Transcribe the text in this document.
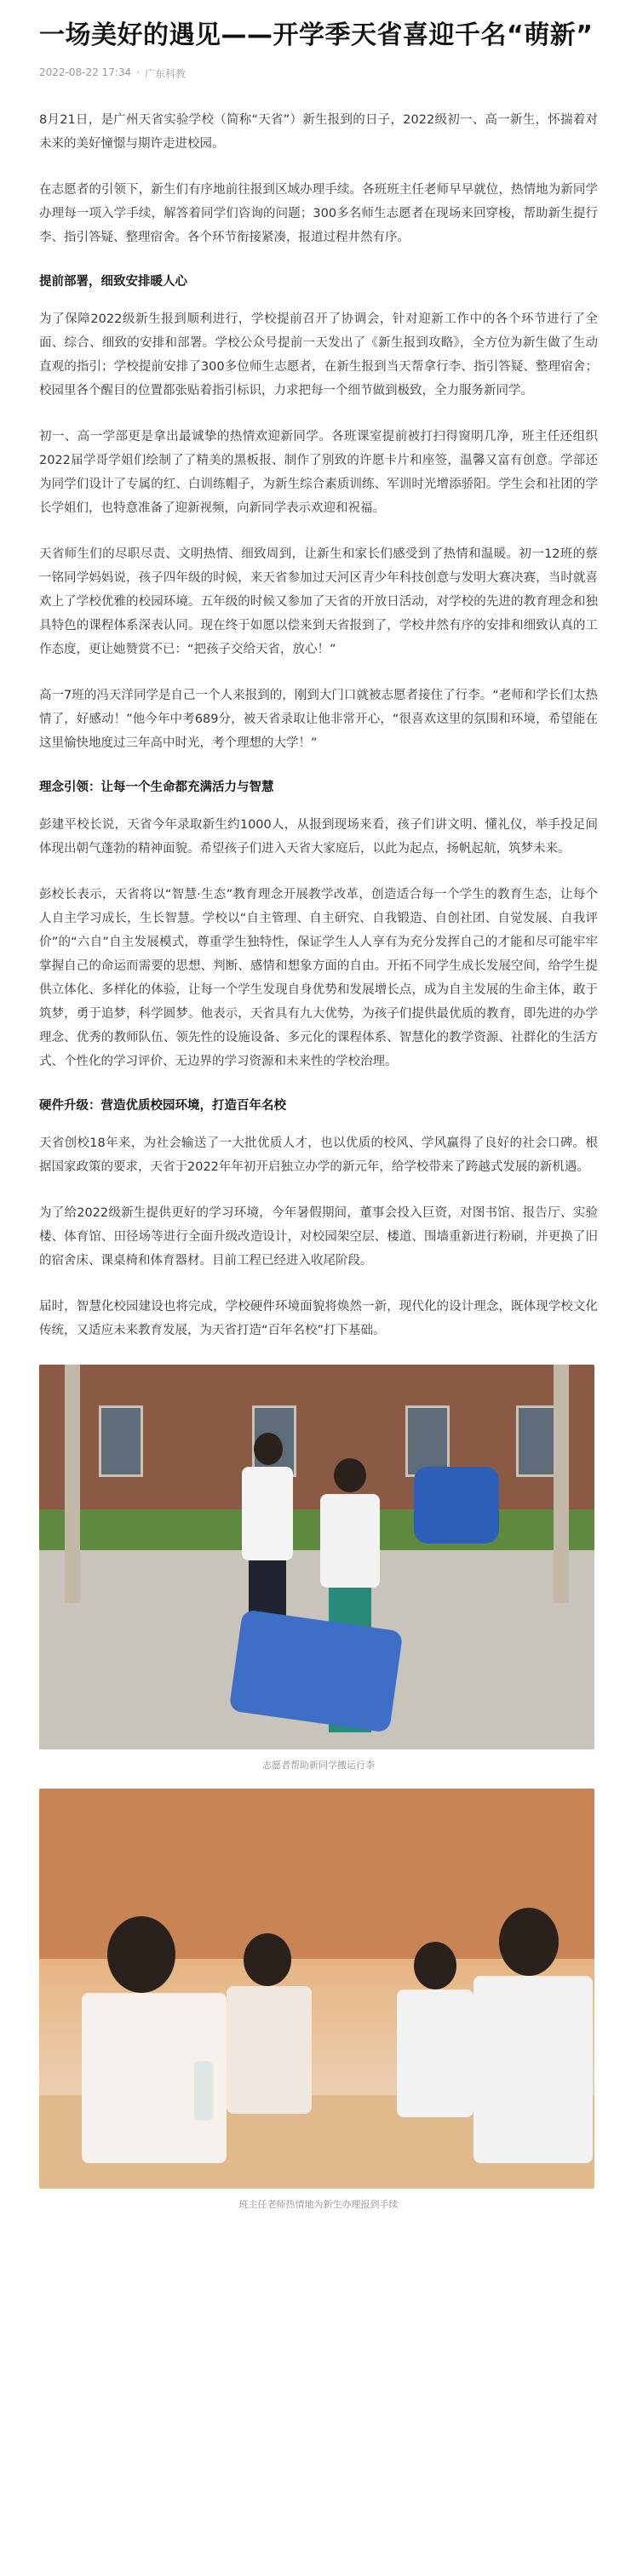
一场美好的遇见——开学季天省喜迎千名“萌新”
2022-08-22 17:34 · 广东科教

8月21日，是广州天省实验学校（简称“天省”）新生报到的日子，2022级初一、高一新生，怀揣着对未来的美好憧憬与期许走进校园。

在志愿者的引领下，新生们有序地前往报到区域办理手续。各班班主任老师早早就位，热情地为新同学办理每一项入学手续，解答着同学们咨询的问题；300多名师生志愿者在现场来回穿梭，帮助新生提行李、指引答疑、整理宿舍。各个环节衔接紧凑，报道过程井然有序。

提前部署，细致安排暖人心

为了保障2022级新生报到顺利进行，学校提前召开了协调会，针对迎新工作中的各个环节进行了全面、综合、细致的安排和部署。学校公众号提前一天发出了《新生报到攻略》，全方位为新生做了生动直观的指引；学校提前安排了300多位师生志愿者，在新生报到当天帮拿行李、指引答疑、整理宿舍；校园里各个醒目的位置都张贴着指引标识，力求把每一个细节做到极致，全力服务新同学。

初一、高一学部更是拿出最诚挚的热情欢迎新同学。各班课室提前被打扫得窗明几净，班主任还组织2022届学哥学姐们绘制了了精美的黑板报、制作了别致的许愿卡片和座签，温馨又富有创意。学部还为同学们设计了专属的红、白训练帽子，为新生综合素质训练、军训时光增添骄阳。学生会和社团的学长学姐们，也特意准备了迎新视频，向新同学表示欢迎和祝福。

天省师生们的尽职尽责、文明热情、细致周到，让新生和家长们感受到了热情和温暖。初一12班的蔡一铭同学妈妈说，孩子四年级的时候，来天省参加过天河区青少年科技创意与发明大赛决赛，当时就喜欢上了学校优雅的校园环境。五年级的时候又参加了天省的开放日活动，对学校的先进的教育理念和独具特色的课程体系深表认同。现在终于如愿以偿来到天省报到了，学校井然有序的安排和细致认真的工作态度，更让她赞赏不已：“把孩子交给天省，放心！”

高一7班的冯天洋同学是自己一个人来报到的，刚到大门口就被志愿者接住了行李。“老师和学长们太热情了，好感动！”他今年中考689分，被天省录取让他非常开心，“很喜欢这里的氛围和环境，希望能在这里愉快地度过三年高中时光，考个理想的大学！”

理念引领：让每一个生命都充满活力与智慧

彭建平校长说，天省今年录取新生约1000人，从报到现场来看，孩子们讲文明、懂礼仪，举手投足间体现出朝气蓬勃的精神面貌。希望孩子们进入天省大家庭后，以此为起点，扬帆起航，筑梦未来。

彭校长表示，天省将以“智慧·生态”教育理念开展教学改革，创造适合每一个学生的教育生态，让每个人自主学习成长，生长智慧。学校以“自主管理、自主研究、自我锻造、自创社团、自觉发展、自我评价”的“六自”自主发展模式，尊重学生独特性，保证学生人人享有为充分发挥自己的才能和尽可能牢牢掌握自己的命运而需要的思想、判断、感情和想象方面的自由。开拓不同学生成长发展空间，给学生提供立体化、多样化的体验，让每一个学生发现自身优势和发展增长点，成为自主发展的生命主体，敢于筑梦，勇于追梦，科学圆梦。他表示，天省具有九大优势，为孩子们提供最优质的教育，即先进的办学理念、优秀的教师队伍、领先性的设施设备、多元化的课程体系、智慧化的教学资源、社群化的生活方式、个性化的学习评价、无边界的学习资源和未来性的学校治理。

硬件升级：营造优质校园环境，打造百年名校

天省创校18年来，为社会输送了一大批优质人才，也以优质的校风、学风赢得了良好的社会口碑。根据国家政策的要求，天省于2022年年初开启独立办学的新元年，给学校带来了跨越式发展的新机遇。

为了给2022级新生提供更好的学习环境，今年暑假期间，董事会投入巨资，对图书馆、报告厅、实验楼、体育馆、田径场等进行全面升级改造设计，对校园架空层、楼道、围墙重新进行粉刷，并更换了旧的宿舍床、课桌椅和体育器材。目前工程已经进入收尾阶段。

届时，智慧化校园建设也将完成，学校硬件环境面貌将焕然一新，现代化的设计理念，既体现学校文化传统，又适应未来教育发展，为天省打造“百年名校”打下基础。

志愿者帮助新同学搬运行李
班主任老师热情地为新生办理报到手续
